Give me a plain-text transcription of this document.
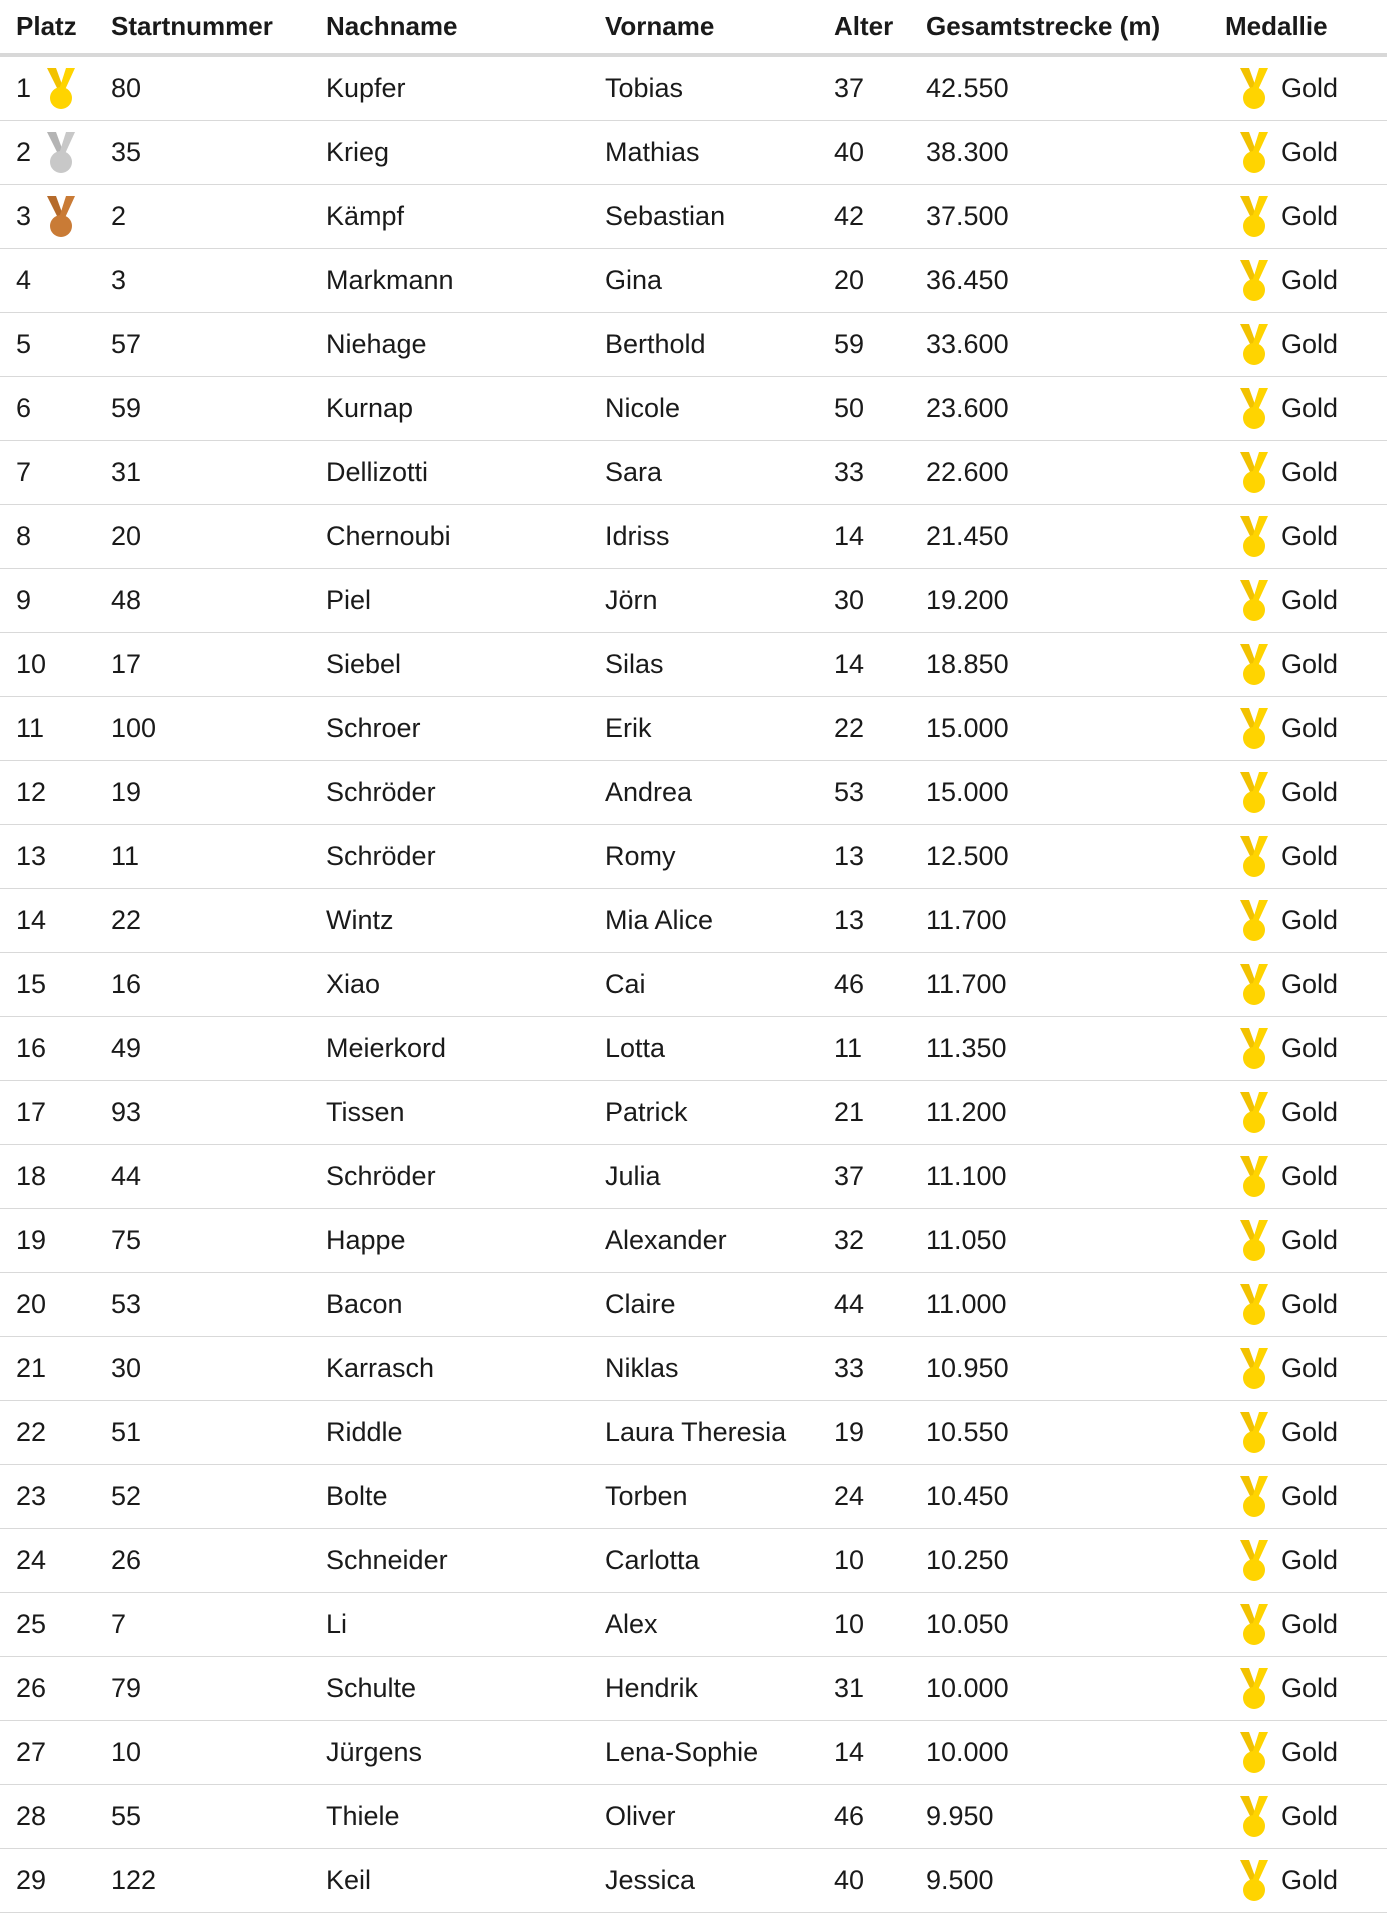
Platz	Startnummer	Nachname	Vorname	Alter	Gesamtstrecke (m)	Medallie

1	80	Kupfer	Tobias	37	42.550	Gold

2	35	Krieg	Mathias	40	38.300	Gold

3	2	Kämpf	Sebastian	42	37.500	Gold

4	3	Markmann	Gina	20	36.450	Gold

5	57	Niehage	Berthold	59	33.600	Gold

6	59	Kurnap	Nicole	50	23.600	Gold

7	31	Dellizotti	Sara	33	22.600	Gold

8	20	Chernoubi	Idriss	14	21.450	Gold

9	48	Piel	Jörn	30	19.200	Gold

10	17	Siebel	Silas	14	18.850	Gold

11	100	Schroer	Erik	22	15.000	Gold

12	19	Schröder	Andrea	53	15.000	Gold

13	11	Schröder	Romy	13	12.500	Gold

14	22	Wintz	Mia Alice	13	11.700	Gold

15	16	Xiao	Cai	46	11.700	Gold

16	49	Meierkord	Lotta	11	11.350	Gold

17	93	Tissen	Patrick	21	11.200	Gold

18	44	Schröder	Julia	37	11.100	Gold

19	75	Happe	Alexander	32	11.050	Gold

20	53	Bacon	Claire	44	11.000	Gold

21	30	Karrasch	Niklas	33	10.950	Gold

22	51	Riddle	Laura Theresia	19	10.550	Gold

23	52	Bolte	Torben	24	10.450	Gold

24	26	Schneider	Carlotta	10	10.250	Gold

25	7	Li	Alex	10	10.050	Gold

26	79	Schulte	Hendrik	31	10.000	Gold

27	10	Jürgens	Lena-Sophie	14	10.000	Gold

28	55	Thiele	Oliver	46	9.950	Gold

29	122	Keil	Jessica	40	9.500	Gold
